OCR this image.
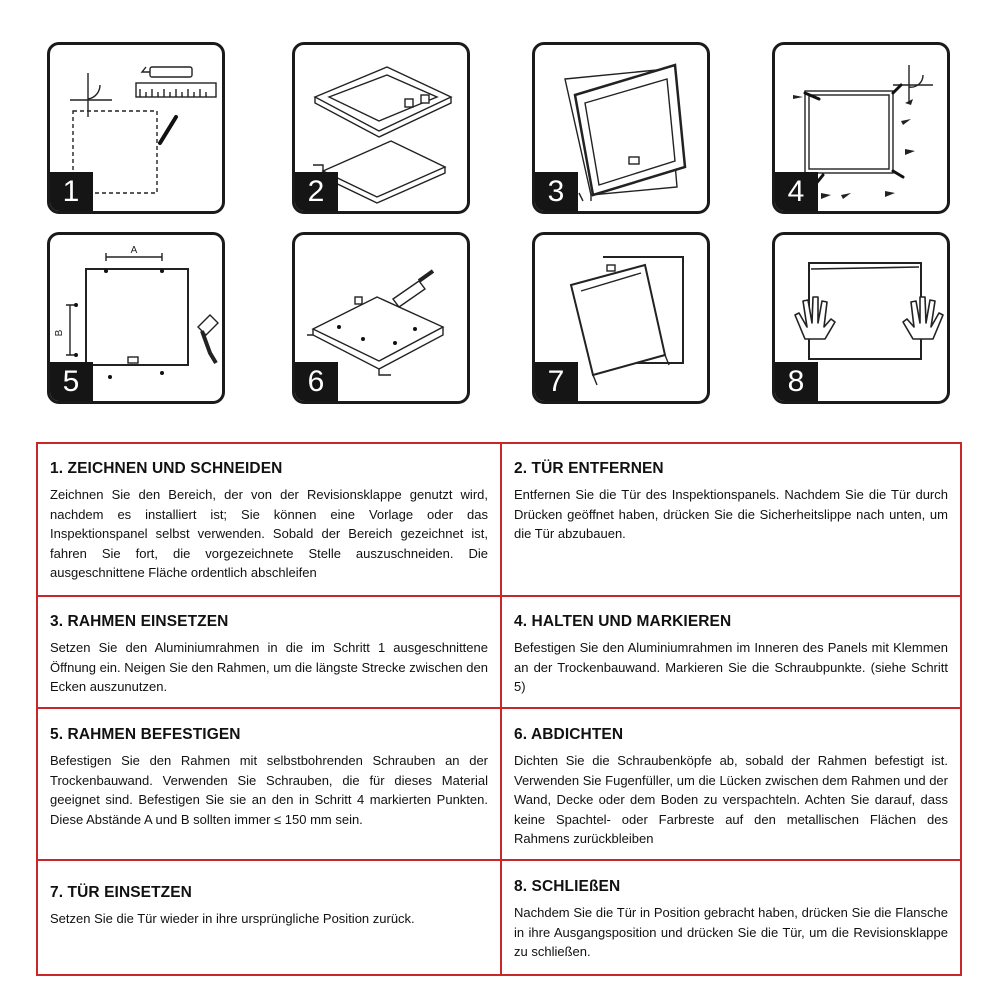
1	2	3	4
A
B
5	6	7	8
1. ZEICHNEN UND SCHNEIDEN

Zeichnen Sie den Bereich, der von der Revisionsklappe genutzt wird, nachdem es installiert ist; Sie können eine Vorlage oder das Inspektionspanel selbst verwenden. Sobald der Bereich gezeichnet ist, fahren Sie fort, die vorgezeichnete Stelle auszuschneiden. Die ausgeschnittene Fläche ordentlich abschleifen

2. TÜR ENTFERNEN

Entfernen Sie die Tür des Inspektionspanels. Nachdem Sie die Tür durch Drücken geöffnet haben, drücken Sie die Sicherheitslippe nach unten, um die Tür abzubauen.

3. RAHMEN EINSETZEN

Setzen Sie den Aluminiumrahmen in die im Schritt 1 ausgeschnittene Öffnung ein. Neigen Sie den Rahmen, um die längste Strecke zwischen den Ecken auszunutzen.

4. HALTEN UND MARKIEREN

Befestigen Sie den Aluminiumrahmen im Inneren des Panels mit Klemmen an der Trockenbauwand. Markieren Sie die Schraubpunkte. (siehe Schritt 5)

5. RAHMEN BEFESTIGEN

Befestigen Sie den Rahmen mit selbstbohrenden Schrauben an der Trockenbauwand. Verwenden Sie Schrauben, die für dieses Material geeignet sind. Befestigen Sie sie an den in Schritt 4 markierten Punkten. Diese Abstände A und B sollten immer ≤ 150 mm sein.

6. ABDICHTEN

Dichten Sie die Schraubenköpfe ab, sobald der Rahmen befestigt ist. Verwenden Sie Fugenfüller, um die Lücken zwischen dem Rahmen und der Wand, Decke oder dem Boden zu verspachteln. Achten Sie darauf, dass keine Spachtel- oder Farbreste auf den metallischen Flächen des Rahmens zurückbleiben

7. TÜR EINSETZEN

Setzen Sie die Tür wieder in ihre ursprüngliche Position zurück.

8. SCHLIEßEN

Nachdem Sie die Tür in Position gebracht haben, drücken Sie die Flansche in ihre Ausgangsposition und drücken Sie die Tür, um die Revisionsklappe zu schließen.
